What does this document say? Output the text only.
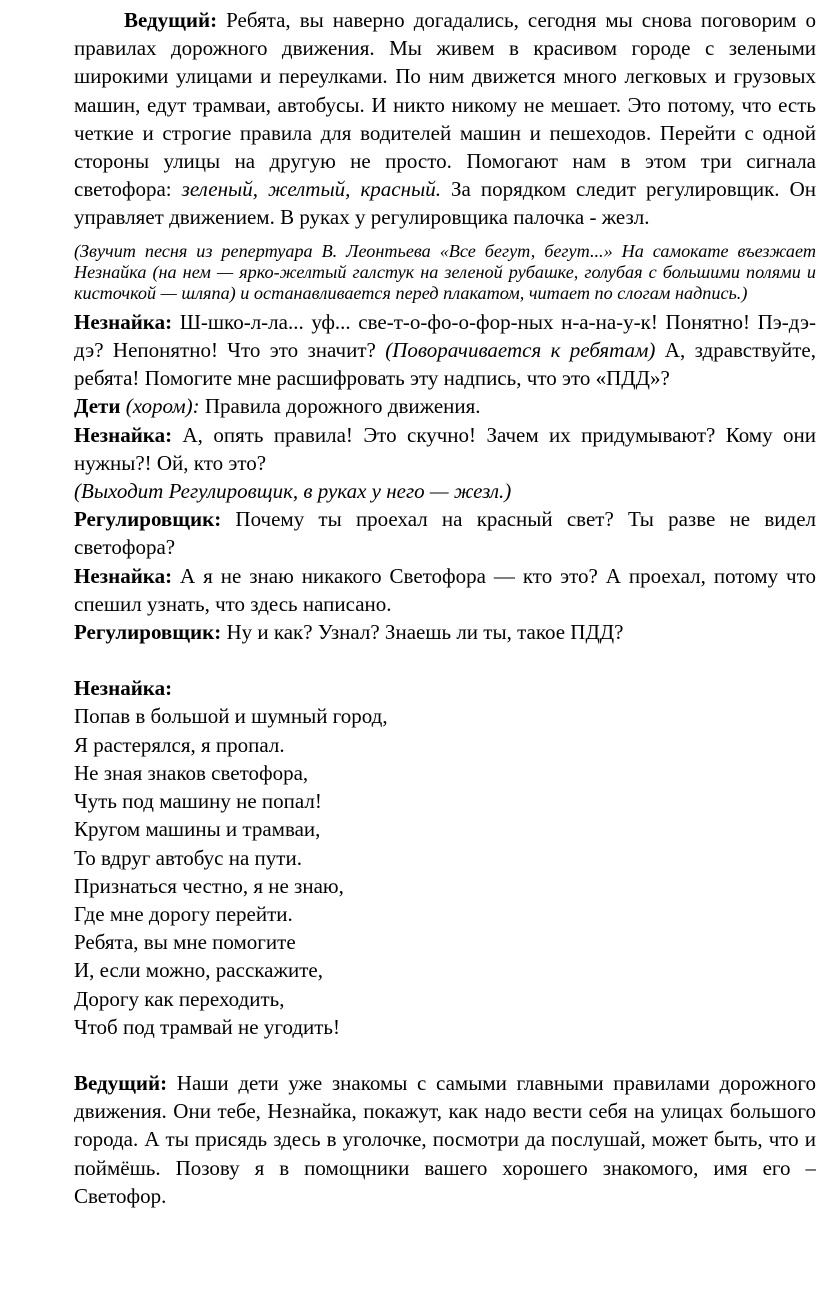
Ведущий: Ребята, вы наверно догадались, сегодня мы снова поговорим о правилах дорожного движения. Мы живем в красивом городе с зелеными широкими улицами и переулками. По ним движется много легковых и грузовых машин, едут трамваи, автобусы. И никто никому не мешает. Это потому, что есть четкие и строгие правила для водителей машин и пешеходов. Перейти с одной стороны улицы на другую не просто. Помогают нам в этом три сигнала светофора: зеленый, желтый, красный. За порядком следит регулировщик. Он управляет движением. В руках у регулировщика палочка - жезл.

(Звучит песня из репертуара В. Леонтьева «Все бегут, бегут...» На самокате въезжает Незнайка (на нем — ярко-желтый галстук на зеленой рубашке, голубая с большими полями и кисточкой — шляпа) и останавливается перед плакатом, читает по слогам надпись.)

Незнайка: Ш-шко-л-ла... уф... све-т-о-фо-о-фор-ных н-а-на-у-к! Понятно! Пэ-дэ- дэ? Непонятно! Что это значит? (Поворачивается к ребятам) А, здравствуйте, ребята! Помогите мне расшифровать эту надпись, что это «ПДД»?

Дети (хором): Правила дорожного движения.

Незнайка: А, опять правила! Это скучно! Зачем их придумывают? Кому они нужны?! Ой, кто это?

(Выходит Регулировщик, в руках у него — жезл.)

Регулировщик: Почему ты проехал на красный свет? Ты разве не видел светофора?

Незнайка: А я не знаю никакого Светофора — кто это? А проехал, потому что спешил узнать, что здесь написано.

Регулировщик: Ну и как? Узнал? Знаешь ли ты, такое ПДД?

Незнайка:

Попав в большой и шумный город,

Я растерялся, я пропал.

Не зная знаков светофора,

Чуть под машину не попал!

Кругом машины и трамваи,

То вдруг автобус на пути.

Признаться честно, я не знаю,

Где мне дорогу перейти.

Ребята, вы мне помогите

И, если можно, расскажите,

Дорогу как переходить,

Чтоб под трамвай не угодить!

Ведущий: Наши дети уже знакомы с самыми главными правилами дорожного движения. Они тебе, Незнайка, покажут, как надо вести себя на улицах большого города. А ты присядь здесь в уголочке, посмотри да послушай, может быть, что и поймёшь. Позову я в помощники вашего хорошего знакомого, имя его – Светофор.
